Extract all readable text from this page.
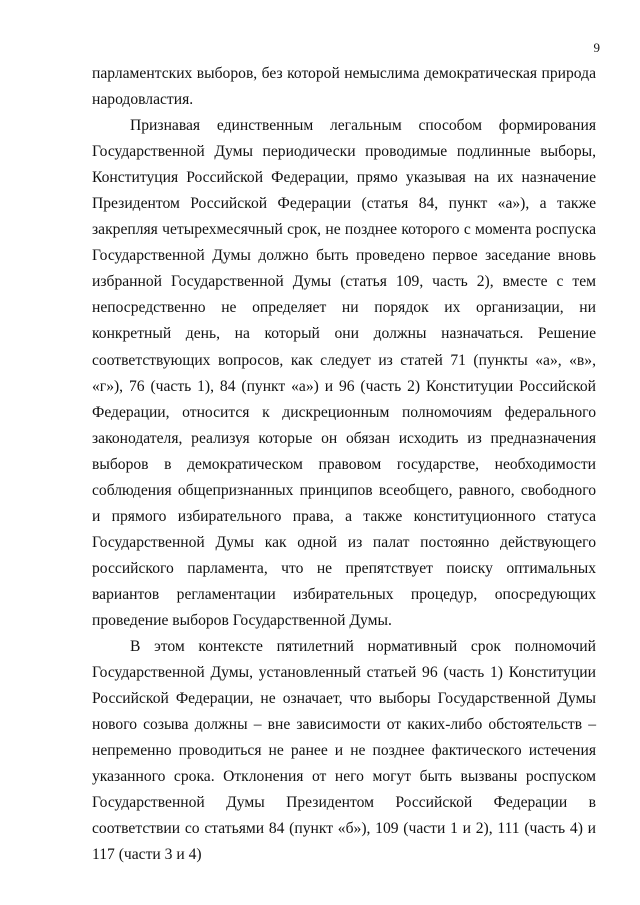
9

парламентских выборов, без которой немыслима демократическая природа народовластия.

Признавая единственным легальным способом формирования Государственной Думы периодически проводимые подлинные выборы, Конституция Российской Федерации, прямо указывая на их назначение Президентом Российской Федерации (статья 84, пункт «а»), а также закрепляя четырехмесячный срок, не позднее которого с момента роспуска Государственной Думы должно быть проведено первое заседание вновь избранной Государственной Думы (статья 109, часть 2), вместе с тем непосредственно не определяет ни порядок их организации, ни конкретный день, на который они должны назначаться. Решение соответствующих вопросов, как следует из статей 71 (пункты «а», «в», «г»), 76 (часть 1), 84 (пункт «а») и 96 (часть 2) Конституции Российской Федерации, относится к дискреционным полномочиям федерального законодателя, реализуя которые он обязан исходить из предназначения выборов в демократическом правовом государстве, необходимости соблюдения общепризнанных принципов всеобщего, равного, свободного и прямого избирательного права, а также конституционного статуса Государственной Думы как одной из палат постоянно действующего российского парламента, что не препятствует поиску оптимальных вариантов регламентации избирательных процедур, опосредующих проведение выборов Государственной Думы.

В этом контексте пятилетний нормативный срок полномочий Государственной Думы, установленный статьей 96 (часть 1) Конституции Российской Федерации, не означает, что выборы Государственной Думы нового созыва должны – вне зависимости от каких-либо обстоятельств – непременно проводиться не ранее и не позднее фактического истечения указанного срока. Отклонения от него могут быть вызваны роспуском Государственной Думы Президентом Российской Федерации в соответствии со статьями 84 (пункт «б»), 109 (части 1 и 2), 111 (часть 4) и 117 (части 3 и 4)
